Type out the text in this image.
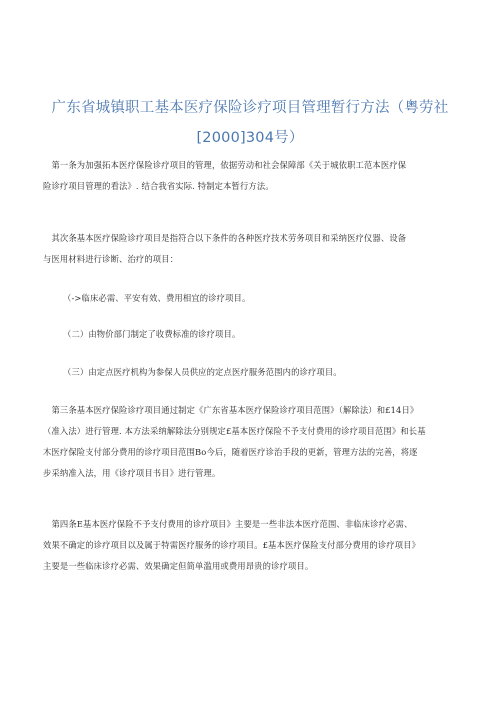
广东省城镇职工基本医疗保险诊疗项目管理暂行方法（粤劳社
[2000]304号）
　第一条为加强拓本医疗保险诊疗项目的管理，依据劳动和社会保障部《关于城依职工范本医疗保
险诊疗项目管理的看法》. 结合我省实际. 特制定本暂行方法。
　其次条基本医疗保险诊疗项目是指符合以下条件的各种医疗技术劳务项目和采纳医疗仪器、设备
与医用材料进行诊断、治疗的项目：
（->临床必需、平安有效、费用相宜的诊疗项目。
（二）由物价部门制定了收费标准的诊疗项目。
（三）由定点医疗机构为参保人员供应的定点医疗服务范围内的诊疗项目。
　第三条基本医疗保险诊疗项目通过制定《广东省基本医疗保险诊疗项目范围》（解除法）和£14日》
（准入法）进行管理. 本方法采纳解除法分别规定£基本医疗保险不予支付费用的诊疗项目范围》和长基
木医疗保险支付部分费用的诊疗项目范围Bo今后，随着医疗诊治手段的更新，管理方法的完善，将逐
步采纳准入法，用《诊疗项目书目》进行管理。
　第四条E基本医疗保险不予支付费用的诊疗项目》主要是一些非法本医疗范围、非临床诊疗必需、
效果不确定的诊疗项目以及属于特需医疗服务的诊疗项目。£基本医疗保险支付部分费用的诊疗项目》
主要是一些临床诊疗必需、效果确定但简单滥用或费用昂贵的诊疗项目。
